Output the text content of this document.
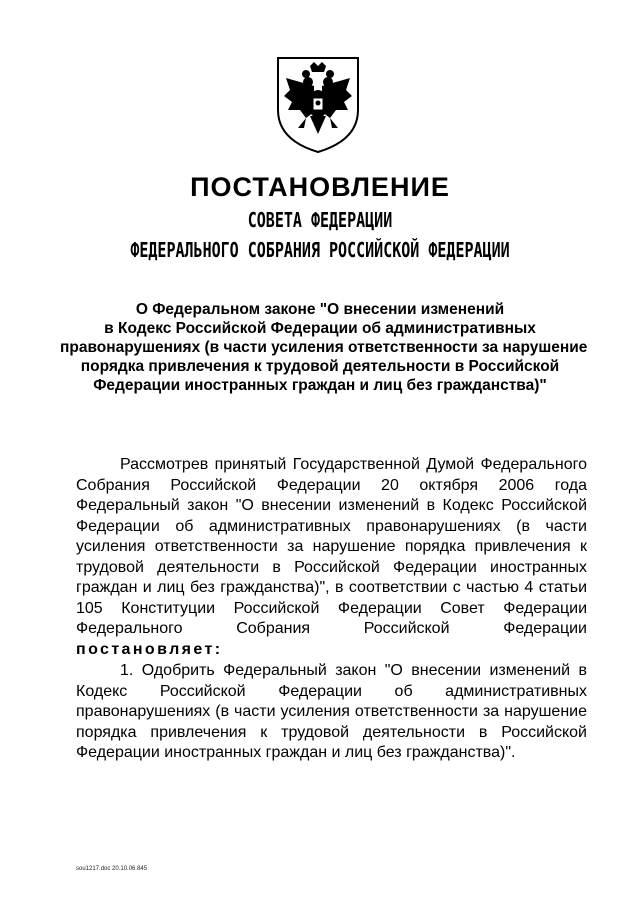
ПОСТАНОВЛЕНИЕ
СОВЕТА ФЕДЕРАЦИИ
ФЕДЕРАЛЬНОГО СОБРАНИЯ РОССИЙСКОЙ ФЕДЕРАЦИИ
О Федеральном законе "О внесении изменений
в Кодекс Российской Федерации об административных
правонарушениях (в части усиления ответственности за нарушение
порядка привлечения к трудовой деятельности в Российской
Федерации иностранных граждан и лиц без гражданства)"
Рассмотрев принятый Государственной Думой Федерального
Собрания Российской Федерации 20 октября 2006 года
Федеральный закон "О внесении изменений в Кодекс Российской
Федерации об административных правонарушениях (в части
усиления ответственности за нарушение порядка привлечения к
трудовой деятельности в Российской Федерации иностранных
граждан и лиц без гражданства)", в соответствии с частью 4 статьи
105 Конституции Российской Федерации Совет Федерации
Федерального Собрания Российской Федерации
постановляет:
1. Одобрить Федеральный закон "О внесении изменений в
Кодекс Российской Федерации об административных
правонарушениях (в части усиления ответственности за нарушение
порядка привлечения к трудовой деятельности в Российской
Федерации иностранных граждан и лиц без гражданства)".
sou1217.doc 20.10.06 845
